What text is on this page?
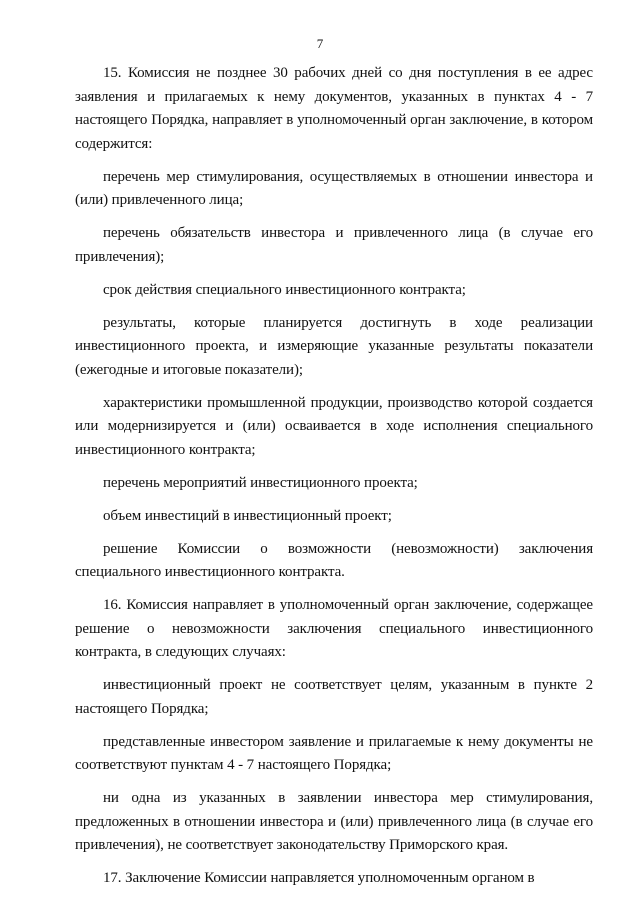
7

15. Комиссия не позднее 30 рабочих дней со дня поступления в ее адрес заявления и прилагаемых к нему документов, указанных в пунктах 4 - 7 настоящего Порядка, направляет в уполномоченный орган заключение, в котором содержится:

перечень мер стимулирования, осуществляемых в отношении инвестора и (или) привлеченного лица;

перечень обязательств инвестора и привлеченного лица (в случае его привлечения);

срок действия специального инвестиционного контракта;

результаты, которые планируется достигнуть в ходе реализации инвестиционного проекта, и измеряющие указанные результаты показатели (ежегодные и итоговые показатели);

характеристики промышленной продукции, производство которой создается или модернизируется и (или) осваивается в ходе исполнения специального инвестиционного контракта;

перечень мероприятий инвестиционного проекта;

объем инвестиций в инвестиционный проект;

решение Комиссии о возможности (невозможности) заключения специального инвестиционного контракта.

16. Комиссия направляет в уполномоченный орган заключение, содержащее решение о невозможности заключения специального инвестиционного контракта, в следующих случаях:

инвестиционный проект не соответствует целям, указанным в пункте 2 настоящего Порядка;

представленные инвестором заявление и прилагаемые к нему документы не соответствуют пунктам 4 - 7 настоящего Порядка;

ни одна из указанных в заявлении инвестора мер стимулирования, предложенных в отношении инвестора и (или) привлеченного лица (в случае его привлечения), не соответствует законодательству Приморского края.

17. Заключение Комиссии направляется уполномоченным органом в
